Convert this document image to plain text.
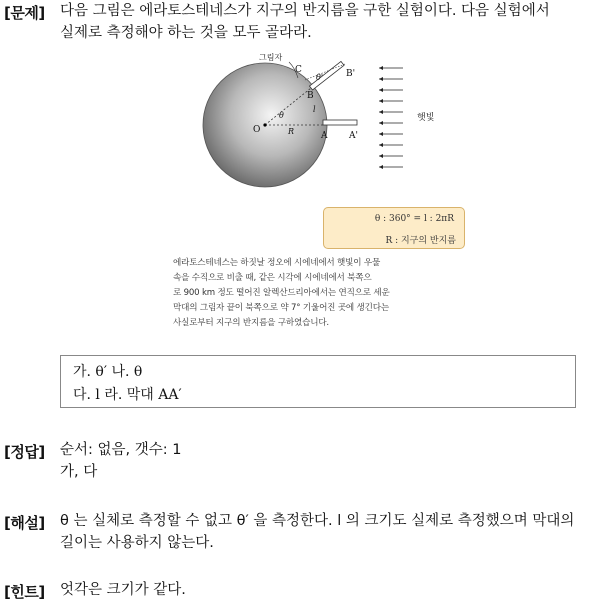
[문제] 다음 그림은 에라토스테네스가 지구의 반지름을 구한 실험이다. 다음 실험에서
실제로 측정해야 하는 것을 모두 골라라.
그림자
C
B
B'
A A'
O
θ'
θ
l
R
햇빛
θ : 360° = l : 2πR
R : 지구의 반지름
에라토스테네스는 하짓날 정오에 시에네에서 햇빛이 우물
속을 수직으로 비출 때, 같은 시각에 시에네에서 북쪽으
로 900 km 정도 떨어진 알렉산드리아에서는 연직으로 세운
막대의 그림자 끝이 북쪽으로 약 7° 기울어진 곳에 생긴다는
사실로부터 지구의 반지름을 구하였습니다.
가. θ′ 나. θ
다. l 라. 막대 AA′
[정답] 순서: 없음, 갯수: 1
가, 다
[해설] θ 는 실체로 측정할 수 없고 θ′ 을 측정한다. l 의 크기도 실제로 측정했으며 막대의
길이는 사용하지 않는다.
[힌트] 엇각은 크기가 같다.
